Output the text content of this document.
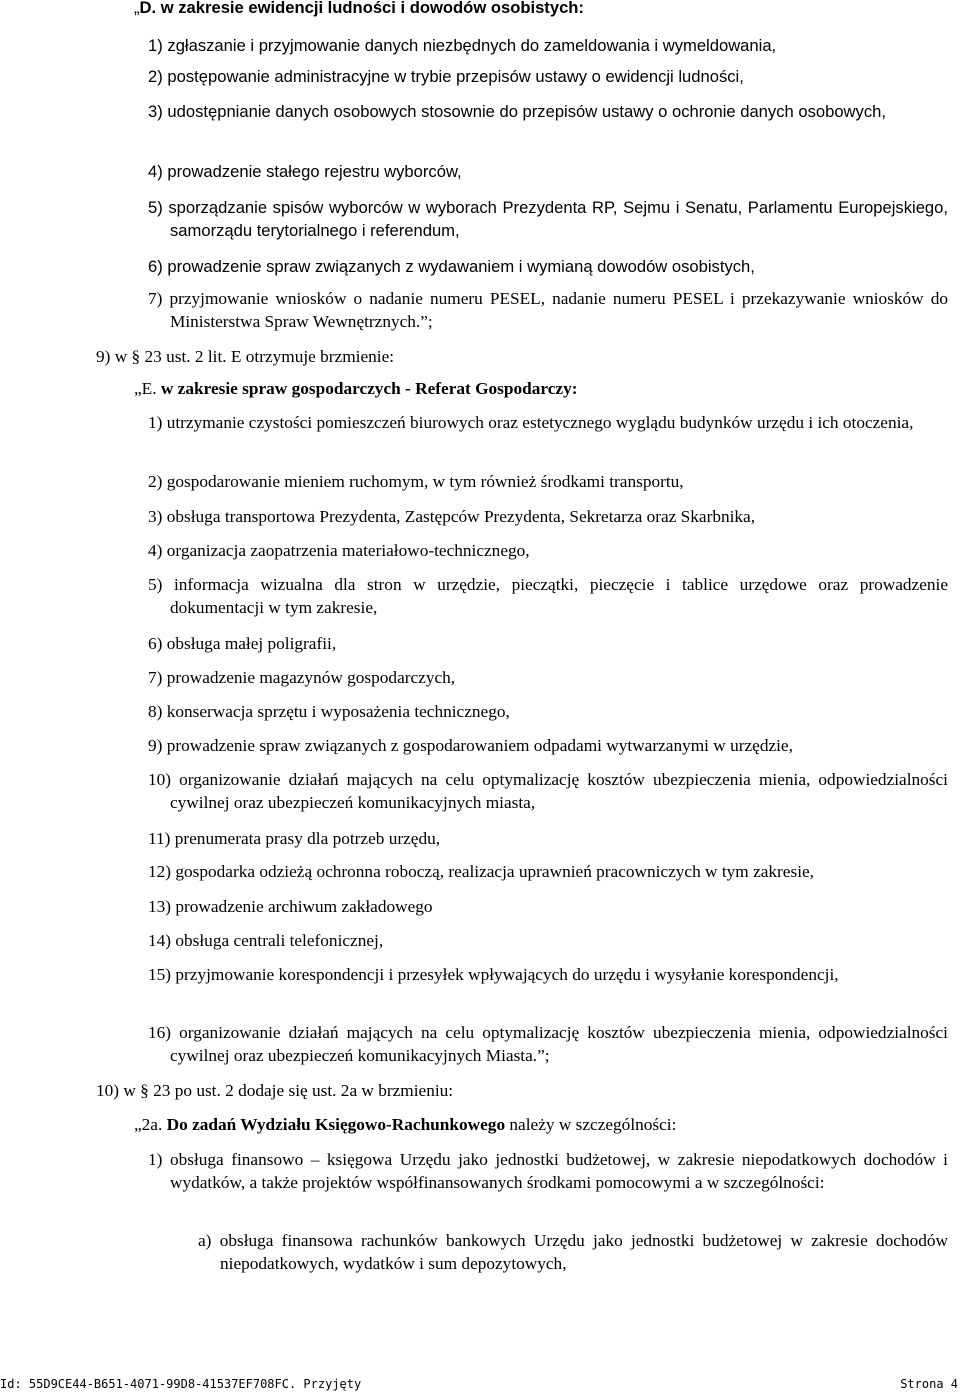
„D. w zakresie ewidencji ludności i dowodów osobistych:
1) zgłaszanie i przyjmowanie danych niezbędnych do zameldowania i wymeldowania,
2) postępowanie administracyjne w trybie przepisów ustawy o ewidencji ludności,
3) udostępnianie danych osobowych stosownie do przepisów ustawy o ochronie danych osobowych,
4) prowadzenie stałego rejestru wyborców,
5) sporządzanie spisów wyborców w wyborach Prezydenta RP, Sejmu i Senatu, Parlamentu Europejskiego, samorządu terytorialnego i referendum,
6) prowadzenie spraw związanych z wydawaniem i wymianą dowodów osobistych,
7) przyjmowanie wniosków o nadanie numeru PESEL, nadanie numeru PESEL i przekazywanie wniosków do Ministerstwa Spraw Wewnętrznych.”;
9) w § 23 ust. 2 lit. E otrzymuje brzmienie:
„E. w zakresie spraw gospodarczych - Referat Gospodarczy:
1) utrzymanie czystości pomieszczeń biurowych oraz estetycznego wyglądu budynków urzędu i ich otoczenia,
2) gospodarowanie mieniem ruchomym, w tym również środkami transportu,
3) obsługa transportowa Prezydenta, Zastępców Prezydenta, Sekretarza oraz Skarbnika,
4) organizacja zaopatrzenia materiałowo-technicznego,
5) informacja wizualna dla stron w urzędzie, pieczątki, pieczęcie i tablice urzędowe oraz prowadzenie dokumentacji w tym zakresie,
6) obsługa małej poligrafii,
7) prowadzenie magazynów gospodarczych,
8) konserwacja sprzętu i wyposażenia technicznego,
9) prowadzenie spraw związanych z gospodarowaniem odpadami wytwarzanymi w urzędzie,
10) organizowanie działań mających na celu optymalizację kosztów ubezpieczenia mienia, odpowiedzialności cywilnej oraz ubezpieczeń komunikacyjnych miasta,
11) prenumerata prasy dla potrzeb urzędu,
12) gospodarka odzieżą ochronna roboczą, realizacja uprawnień pracowniczych w tym zakresie,
13) prowadzenie archiwum zakładowego
14) obsługa centrali telefonicznej,
15) przyjmowanie korespondencji i przesyłek wpływających do urzędu i wysyłanie korespondencji,
16) organizowanie działań mających na celu optymalizację kosztów ubezpieczenia mienia, odpowiedzialności cywilnej oraz ubezpieczeń komunikacyjnych Miasta.”;
10) w § 23 po ust. 2 dodaje się ust. 2a w brzmieniu:
„2a. Do zadań Wydziału Księgowo-Rachunkowego należy w szczególności:
1) obsługa finansowo – księgowa Urzędu jako jednostki budżetowej, w zakresie niepodatkowych dochodów i wydatków, a także projektów współfinansowanych środkami pomocowymi a w szczególności:
a) obsługa finansowa rachunków bankowych Urzędu jako jednostki budżetowej w zakresie dochodów niepodatkowych, wydatków i sum depozytowych,
Id: 55D9CE44-B651-4071-99D8-41537EF708FC. Przyjęty	Strona 4
